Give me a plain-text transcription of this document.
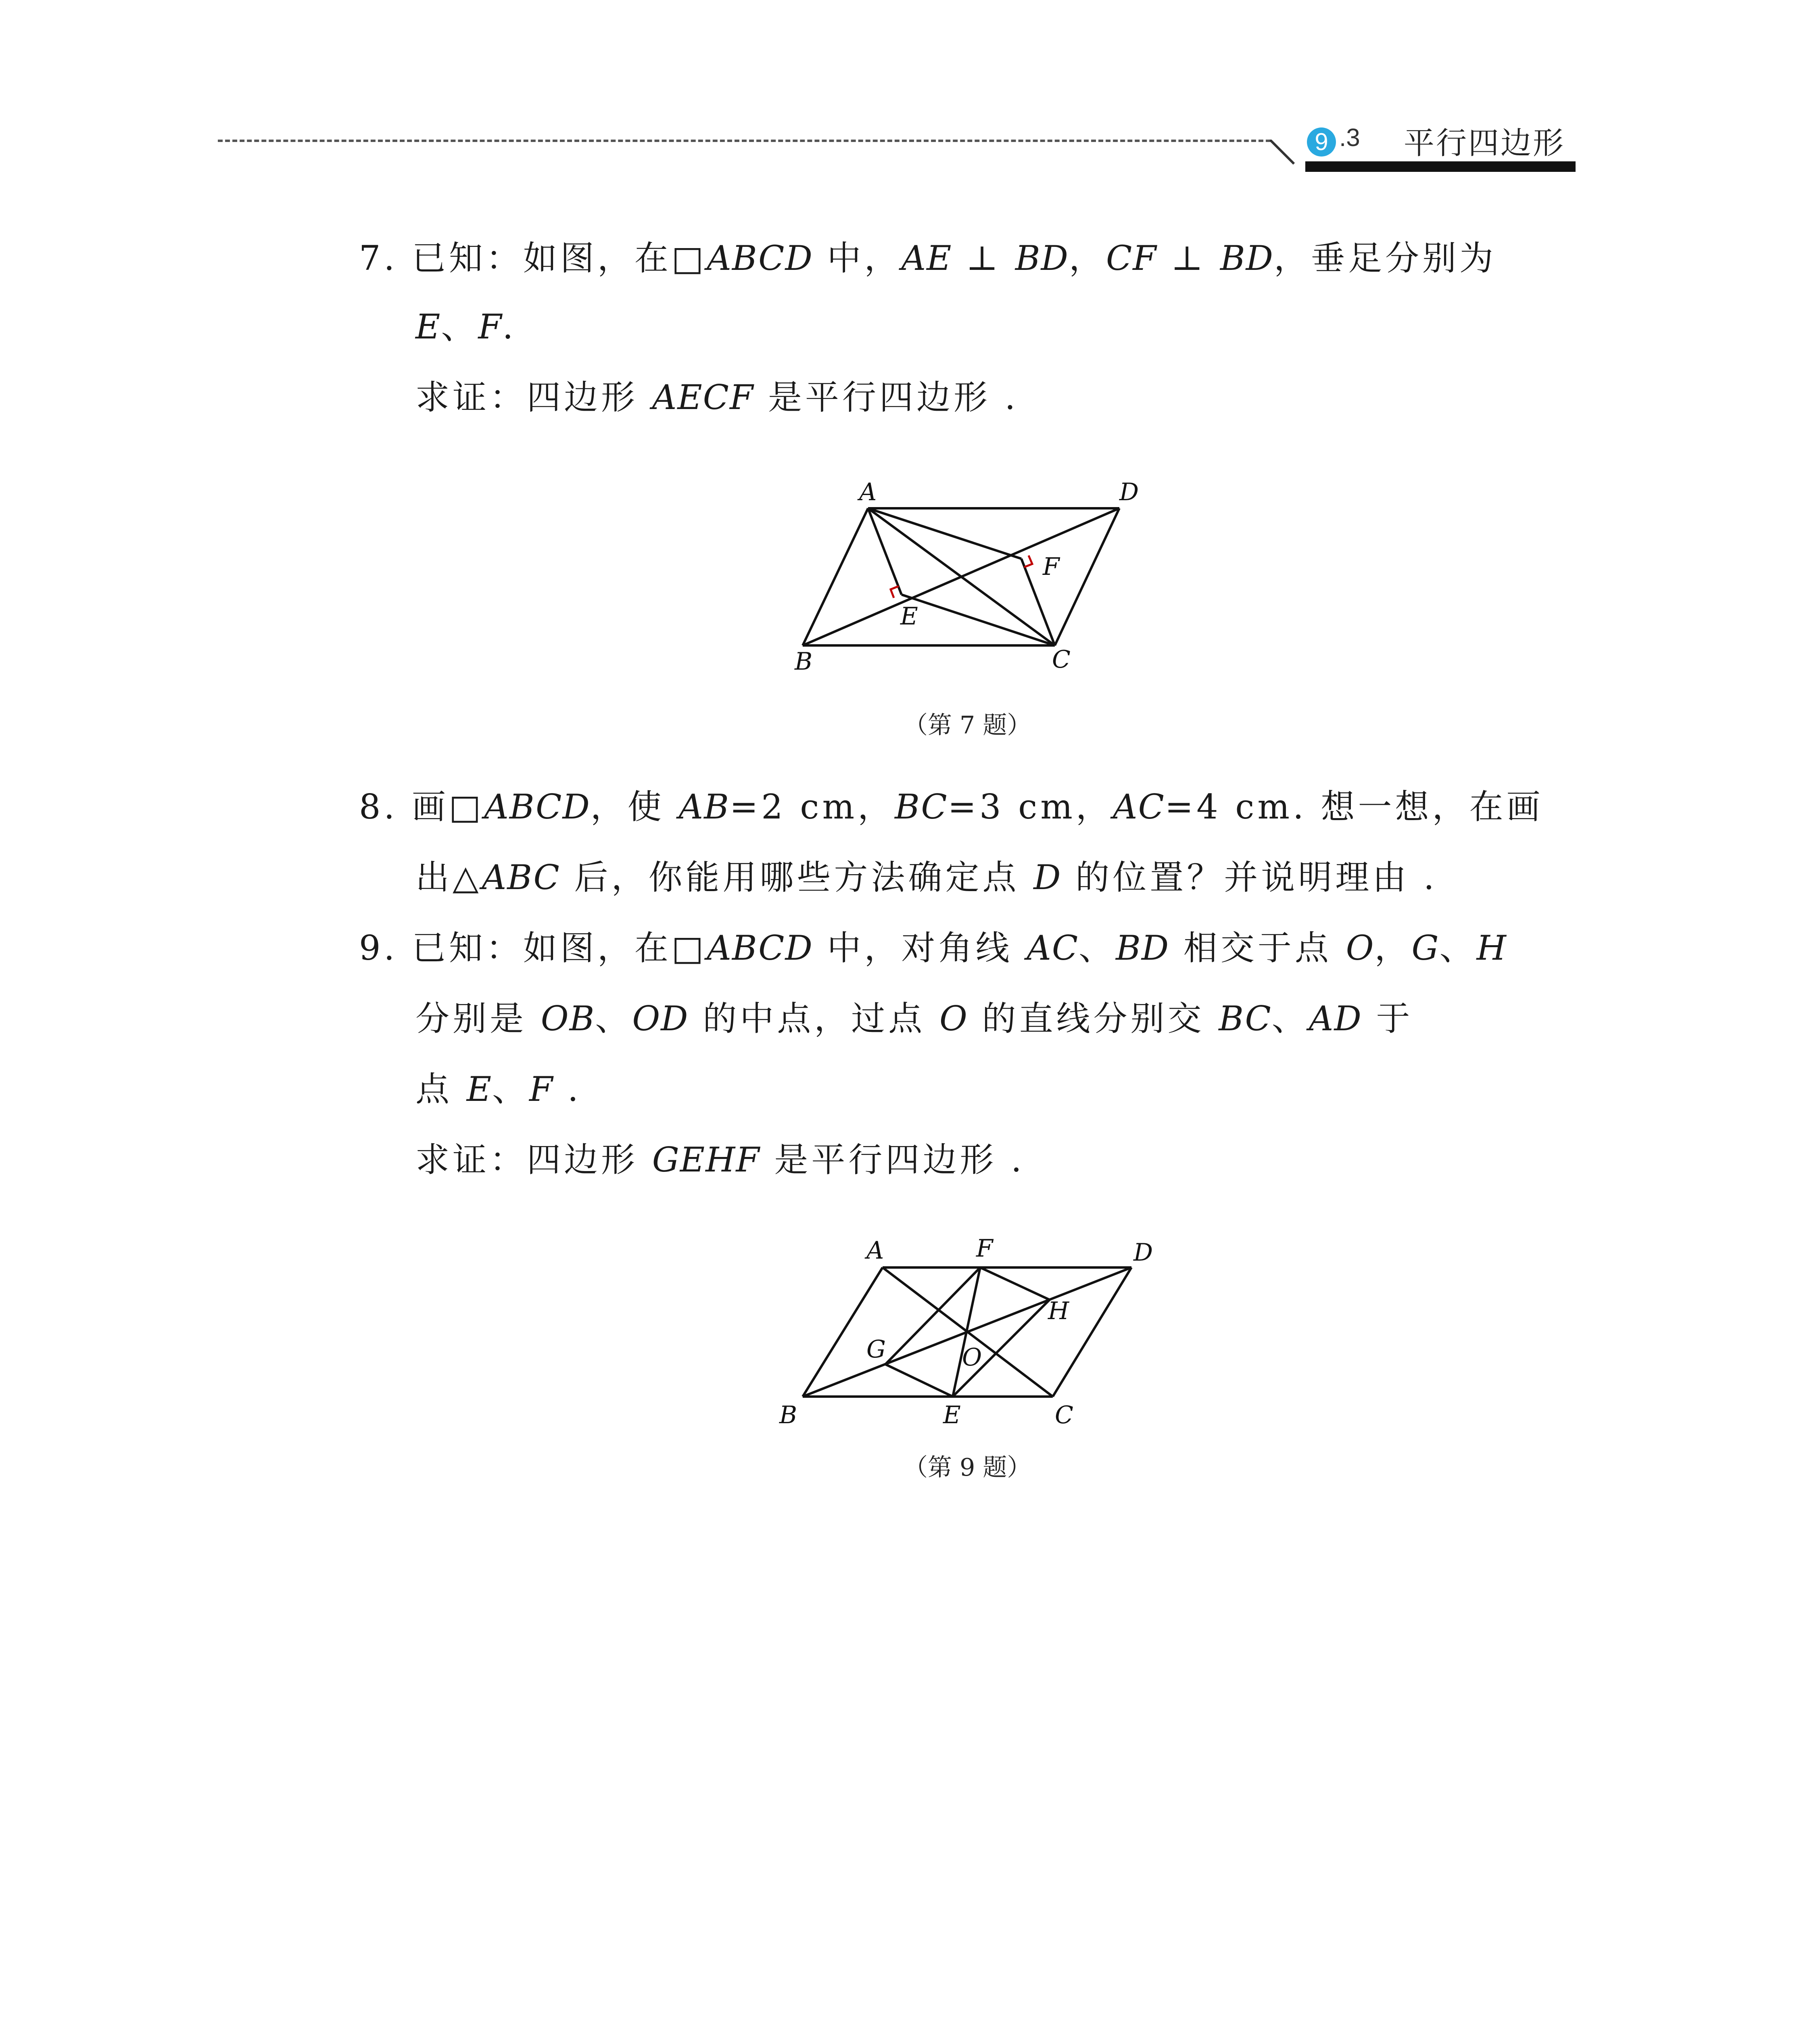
9 .3 平行四边形
7. 已知：如图，在□ABCD 中，AE ⊥ BD，CF ⊥ BD，垂足分别为
E、F.
求证：四边形 AECF 是平行四边形 .
A	D
F
E
B	C
（第 7 题）
8. 画□ABCD，使 AB=2 cm，BC=3 cm，AC=4 cm. 想一想，在画
出△ABC 后，你能用哪些方法确定点 D 的位置？并说明理由 .
9. 已知：如图，在□ABCD 中，对角线 AC、BD 相交于点 O，G、H
分别是 OB、OD 的中点，过点 O 的直线分别交 BC、AD 于
点 E、F .
求证：四边形 GEHF 是平行四边形 .
A	F	D
H
G	O
B	E	C
（第 9 题）
